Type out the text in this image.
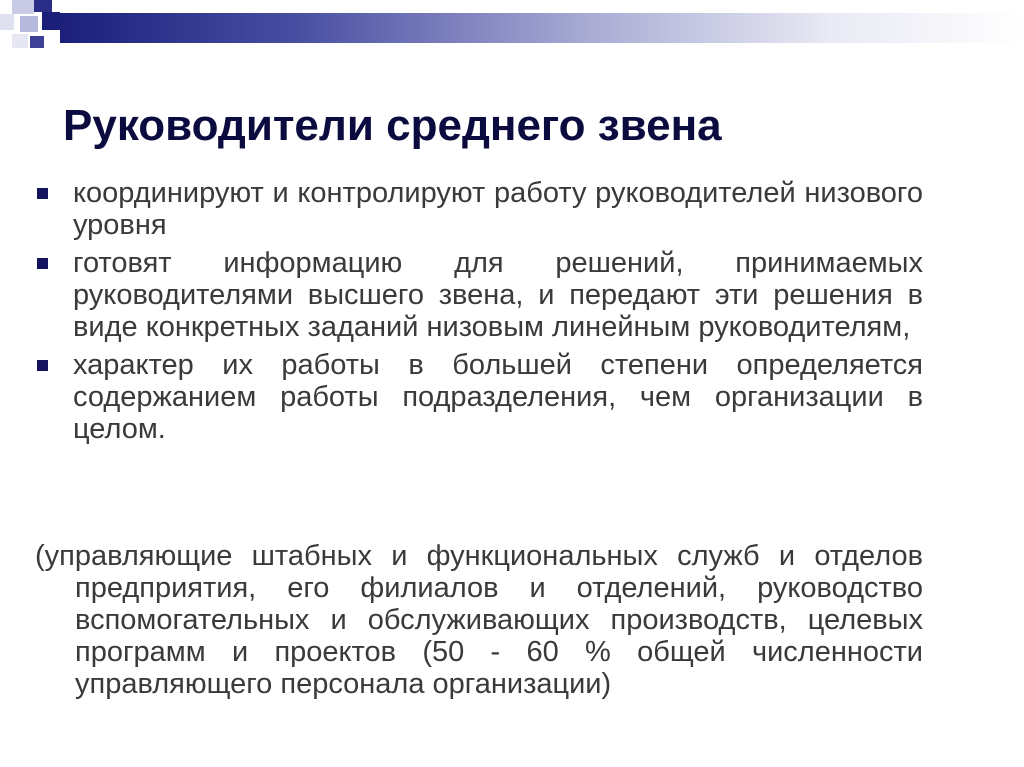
Руководители среднего звена
координируют и контролируют работу руководителей низового уровня
готовят информацию для решений, принимаемых руководителями высшего звена, и передают эти решения в виде конкретных заданий низовым линейным руководителям,
характер их работы в большей степени определяется содержанием работы подразделения, чем организации в целом.
(управляющие штабных и функциональных служб и отделов предприятия, его филиалов и отделений, руководство вспомогательных и обслуживающих производств, целевых программ и проектов (50 - 60 % общей численности управляющего персонала организации)
